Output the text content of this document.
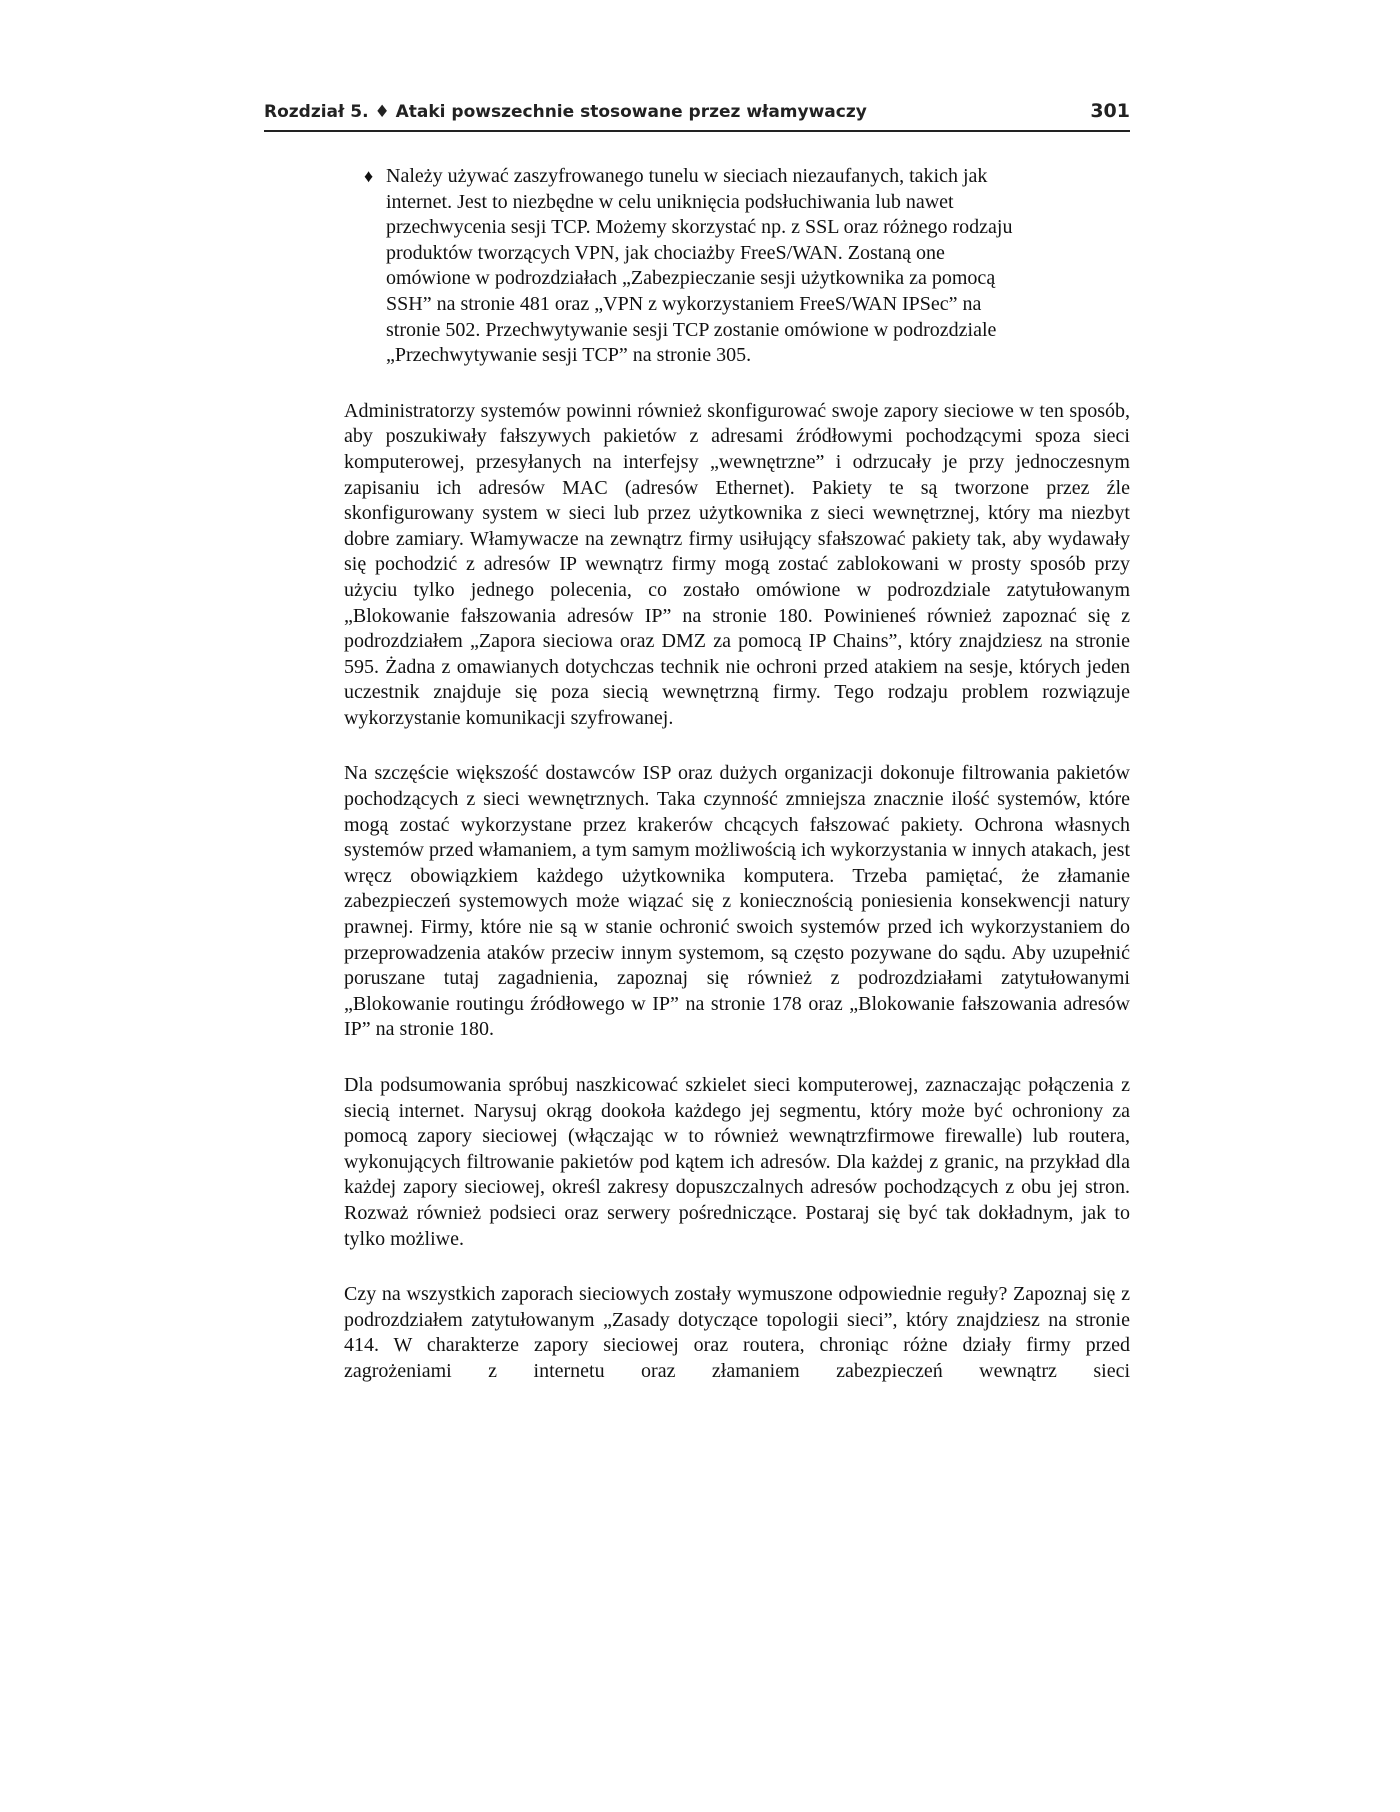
Rozdział 5. ♦ Ataki powszechnie stosowane przez włamywaczy	301
♦ Należy używać zaszyfrowanego tunelu w sieciach niezaufanych, takich jak internet. Jest to niezbędne w celu uniknięcia podsłuchiwania lub nawet przechwycenia sesji TCP. Możemy skorzystać np. z SSL oraz różnego rodzaju produktów tworzących VPN, jak chociażby FreeS/WAN. Zostaną one omówione w podrozdziałach „Zabezpieczanie sesji użytkownika za pomocą SSH” na stronie 481 oraz „VPN z wykorzystaniem FreeS/WAN IPSec” na stronie 502. Przechwytywanie sesji TCP zostanie omówione w podrozdziale „Przechwytywanie sesji TCP” na stronie 305.

Administratorzy systemów powinni również skonfigurować swoje zapory sieciowe w ten sposób, aby poszukiwały fałszywych pakietów z adresami źródłowymi pochodzącymi spoza sieci komputerowej, przesyłanych na interfejsy „wewnętrzne” i odrzucały je przy jednoczesnym zapisaniu ich adresów MAC (adresów Ethernet). Pakiety te są tworzone przez źle skonfigurowany system w sieci lub przez użytkownika z sieci wewnętrznej, który ma niezbyt dobre zamiary. Włamywacze na zewnątrz firmy usiłujący sfałszować pakiety tak, aby wydawały się pochodzić z adresów IP wewnątrz firmy mogą zostać zablokowani w prosty sposób przy użyciu tylko jednego polecenia, co zostało omówione w podrozdziale zatytułowanym „Blokowanie fałszowania adresów IP” na stronie 180. Powinieneś również zapoznać się z podrozdziałem „Zapora sieciowa oraz DMZ za pomocą IP Chains”, który znajdziesz na stronie 595. Żadna z omawianych dotychczas technik nie ochroni przed atakiem na sesje, których jeden uczestnik znajduje się poza siecią wewnętrzną firmy. Tego rodzaju problem rozwiązuje wykorzystanie komunikacji szyfrowanej.

Na szczęście większość dostawców ISP oraz dużych organizacji dokonuje filtrowania pakietów pochodzących z sieci wewnętrznych. Taka czynność zmniejsza znacznie ilość systemów, które mogą zostać wykorzystane przez krakerów chcących fałszować pakiety. Ochrona własnych systemów przed włamaniem, a tym samym możliwością ich wykorzystania w innych atakach, jest wręcz obowiązkiem każdego użytkownika komputera. Trzeba pamiętać, że złamanie zabezpieczeń systemowych może wiązać się z koniecznością poniesienia konsekwencji natury prawnej. Firmy, które nie są w stanie ochronić swoich systemów przed ich wykorzystaniem do przeprowadzenia ataków przeciw innym systemom, są często pozywane do sądu. Aby uzupełnić poruszane tutaj zagadnienia, zapoznaj się również z podrozdziałami zatytułowanymi „Blokowanie routingu źródłowego w IP” na stronie 178 oraz „Blokowanie fałszowania adresów IP” na stronie 180.

Dla podsumowania spróbuj naszkicować szkielet sieci komputerowej, zaznaczając połączenia z siecią internet. Narysuj okrąg dookoła każdego jej segmentu, który może być ochroniony za pomocą zapory sieciowej (włączając w to również wewnątrzfirmowe firewalle) lub routera, wykonujących filtrowanie pakietów pod kątem ich adresów. Dla każdej z granic, na przykład dla każdej zapory sieciowej, określ zakresy dopuszczalnych adresów pochodzących z obu jej stron. Rozważ również podsieci oraz serwery pośredniczące. Postaraj się być tak dokładnym, jak to tylko możliwe.

Czy na wszystkich zaporach sieciowych zostały wymuszone odpowiednie reguły? Zapoznaj się z podrozdziałem zatytułowanym „Zasady dotyczące topologii sieci”, który znajdziesz na stronie 414. W charakterze zapory sieciowej oraz routera, chroniąc różne działy firmy przed zagrożeniami z internetu oraz złamaniem zabezpieczeń wewnątrz sieci
